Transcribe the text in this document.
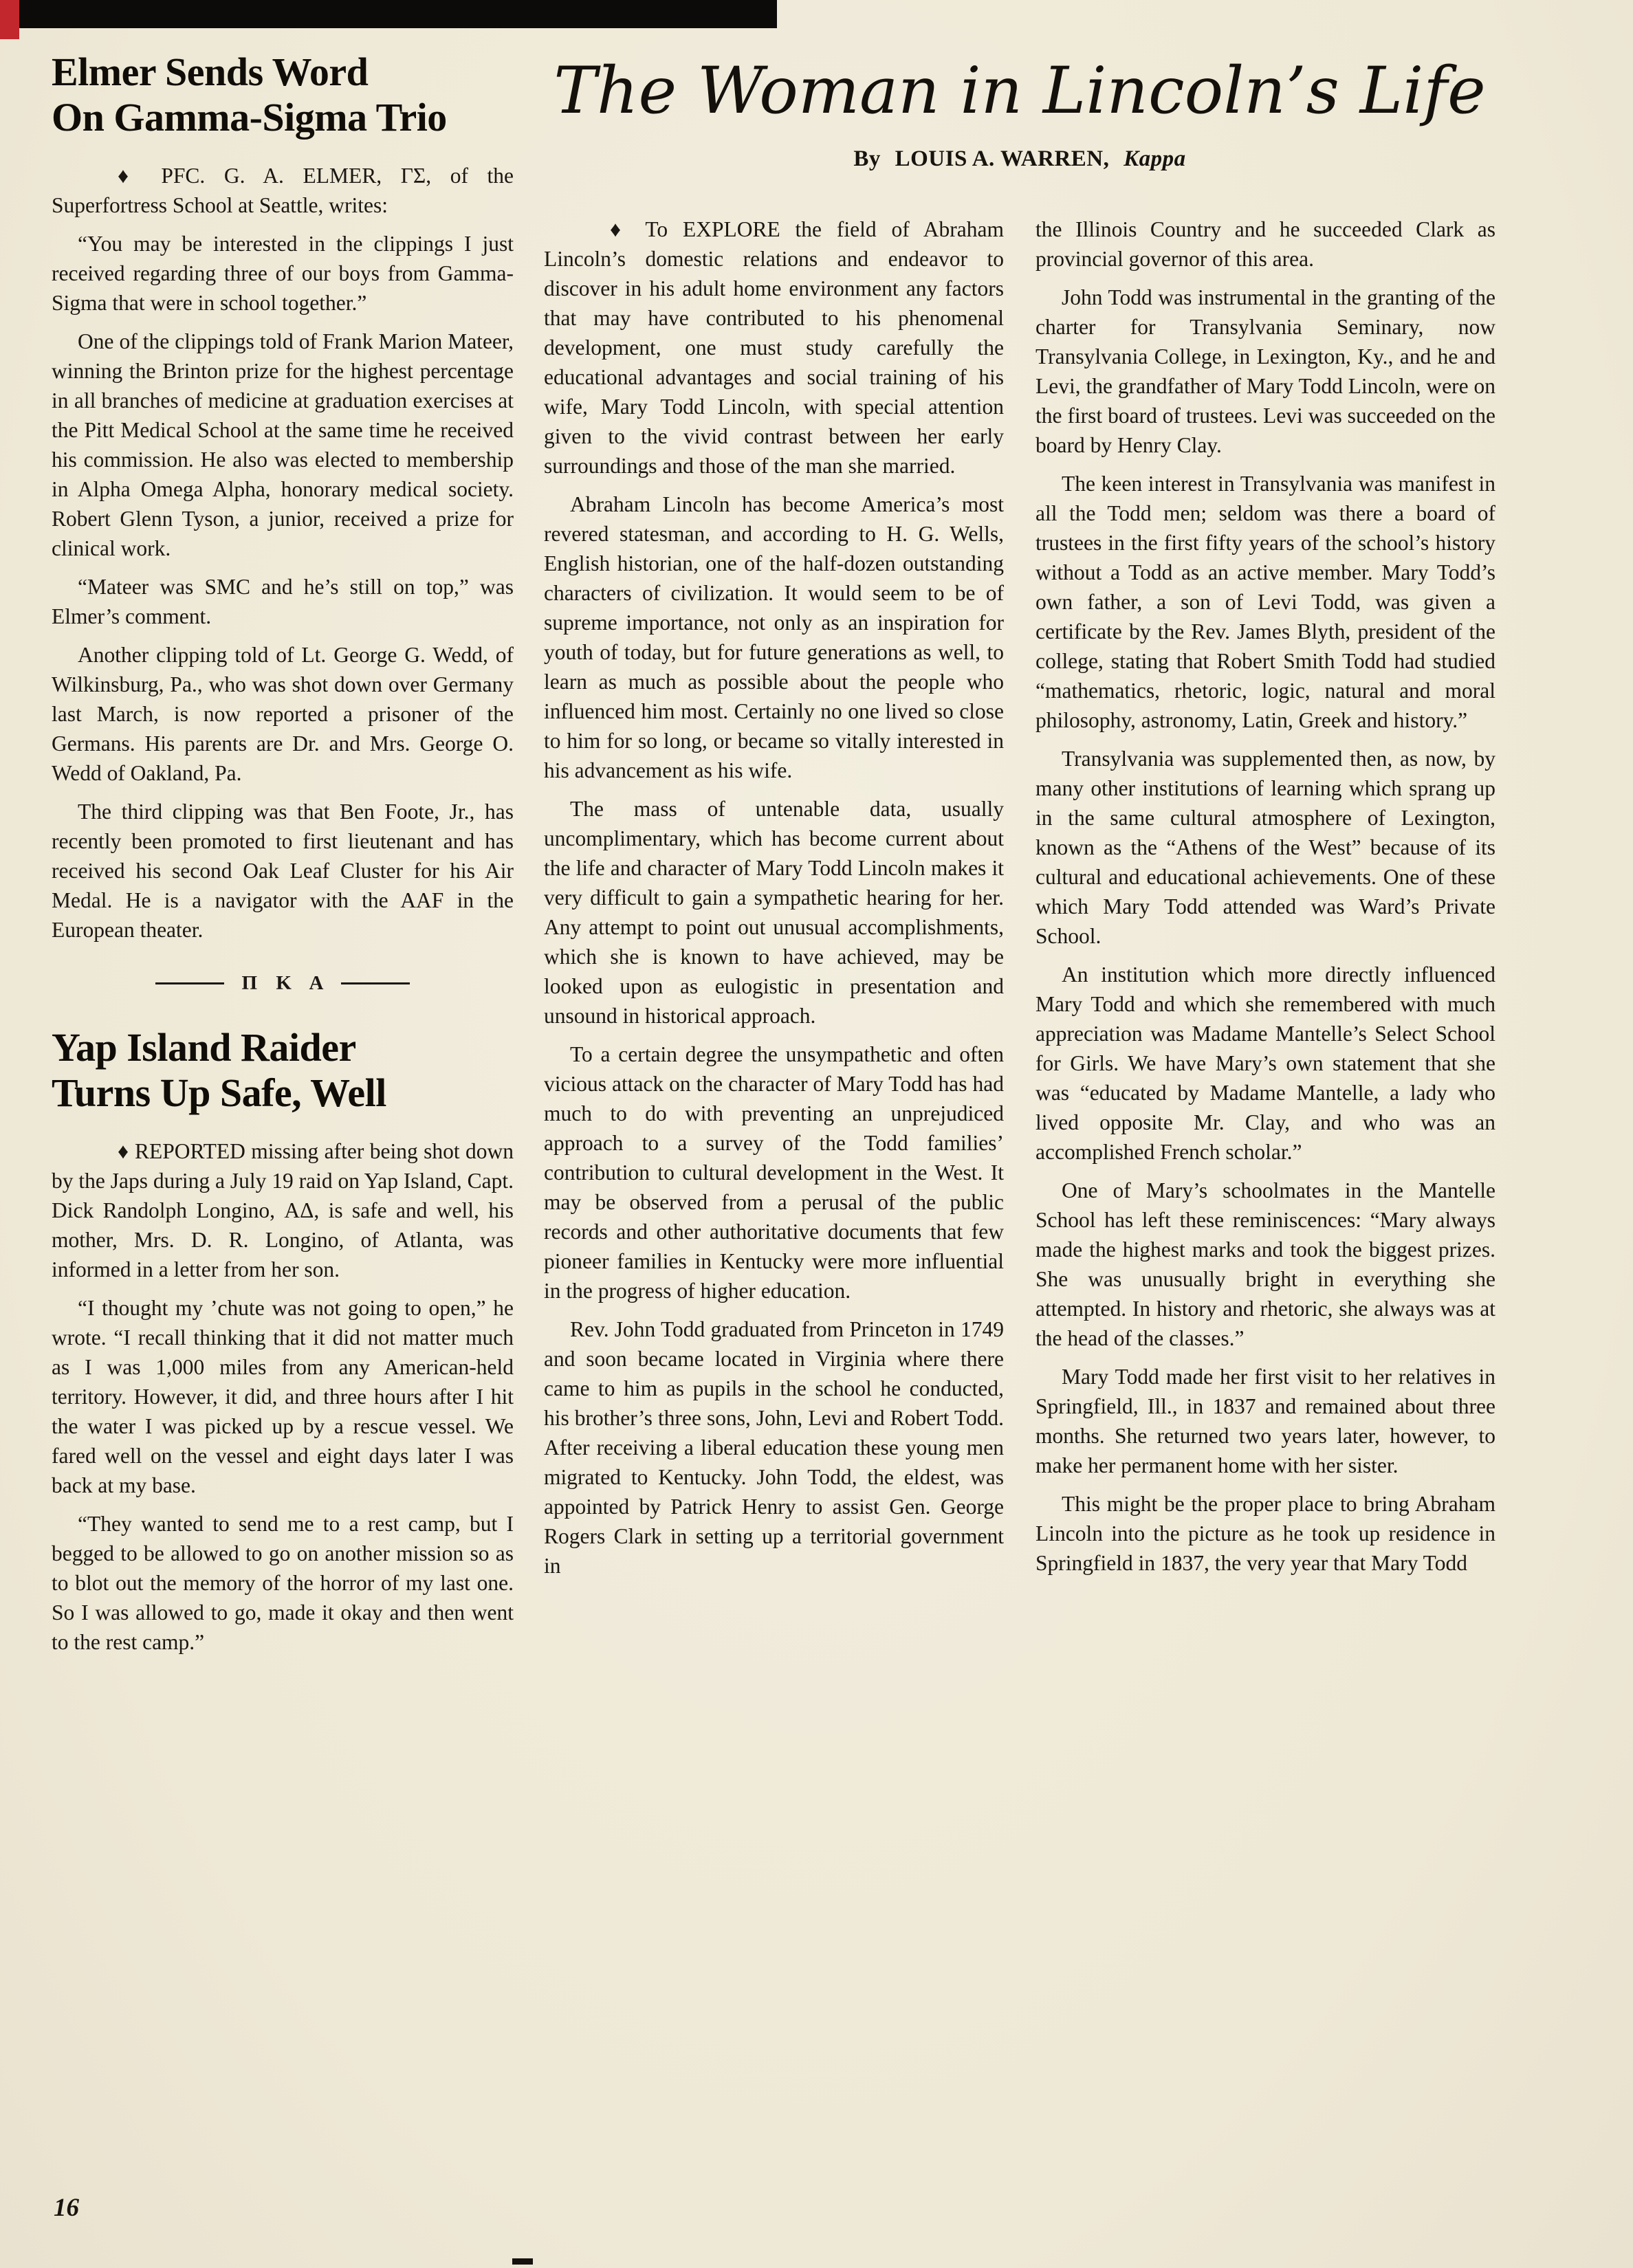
Elmer Sends Word
On Gamma-Sigma Trio

♦ PFC. G. A. ELMER, ΓΣ, of the Superfortress School at Seattle, writes:

“You may be interested in the clippings I just received regarding three of our boys from Gamma-Sigma that were in school together.”

One of the clippings told of Frank Marion Mateer, winning the Brinton prize for the highest percentage in all branches of medicine at graduation exercises at the Pitt Medical School at the same time he received his commission. He also was elected to membership in Alpha Omega Alpha, honorary medical society. Robert Glenn Tyson, a junior, received a prize for clinical work.

“Mateer was SMC and he’s still on top,” was Elmer’s comment.

Another clipping told of Lt. George G. Wedd, of Wilkinsburg, Pa., who was shot down over Germany last March, is now reported a prisoner of the Germans. His parents are Dr. and Mrs. George O. Wedd of Oakland, Pa.

The third clipping was that Ben Foote, Jr., has recently been promoted to first lieutenant and has received his second Oak Leaf Cluster for his Air Medal. He is a navigator with the AAF in the European theater.

Π Κ Α
Yap Island Raider
Turns Up Safe, Well

♦ REPORTED missing after being shot down by the Japs during a July 19 raid on Yap Island, Capt. Dick Randolph Longino, ΑΔ, is safe and well, his mother, Mrs. D. R. Longino, of Atlanta, was informed in a letter from her son.

“I thought my ’chute was not going to open,” he wrote. “I recall thinking that it did not matter much as I was 1,000 miles from any American-held territory. However, it did, and three hours after I hit the water I was picked up by a rescue vessel. We fared well on the vessel and eight days later I was back at my base.

“They wanted to send me to a rest camp, but I begged to be allowed to go on another mission so as to blot out the memory of the horror of my last one. So I was allowed to go, made it okay and then went to the rest camp.”

The Woman in Lincoln’s Life
By LOUIS A. WARREN, Kappa

♦ To EXPLORE the field of Abraham Lincoln’s domestic relations and endeavor to discover in his adult home environment any factors that may have contributed to his phenomenal development, one must study carefully the educational advantages and social training of his wife, Mary Todd Lincoln, with special attention given to the vivid contrast between her early surroundings and those of the man she married.

Abraham Lincoln has become America’s most revered statesman, and according to H. G. Wells, English historian, one of the half-dozen outstanding characters of civilization. It would seem to be of supreme importance, not only as an inspiration for youth of today, but for future generations as well, to learn as much as possible about the people who influenced him most. Certainly no one lived so close to him for so long, or became so vitally interested in his advancement as his wife.

The mass of untenable data, usually uncomplimentary, which has become current about the life and character of Mary Todd Lincoln makes it very difficult to gain a sympathetic hearing for her. Any attempt to point out unusual accomplishments, which she is known to have achieved, may be looked upon as eulogistic in presentation and unsound in historical approach.

To a certain degree the unsympathetic and often vicious attack on the character of Mary Todd has had much to do with preventing an unprejudiced approach to a survey of the Todd families’ contribution to cultural development in the West. It may be observed from a perusal of the public records and other authoritative documents that few pioneer families in Kentucky were more influential in the progress of higher education.

Rev. John Todd graduated from Princeton in 1749 and soon became located in Virginia where there came to him as pupils in the school he conducted, his brother’s three sons, John, Levi and Robert Todd. After receiving a liberal education these young men migrated to Kentucky. John Todd, the eldest, was appointed by Patrick Henry to assist Gen. George Rogers Clark in setting up a territorial government in

the Illinois Country and he succeeded Clark as provincial governor of this area.

John Todd was instrumental in the granting of the charter for Transylvania Seminary, now Transylvania College, in Lexington, Ky., and he and Levi, the grandfather of Mary Todd Lincoln, were on the first board of trustees. Levi was succeeded on the board by Henry Clay.

The keen interest in Transylvania was manifest in all the Todd men; seldom was there a board of trustees in the first fifty years of the school’s history without a Todd as an active member. Mary Todd’s own father, a son of Levi Todd, was given a certificate by the Rev. James Blyth, president of the college, stating that Robert Smith Todd had studied “mathematics, rhetoric, logic, natural and moral philosophy, astronomy, Latin, Greek and history.”

Transylvania was supplemented then, as now, by many other institutions of learning which sprang up in the same cultural atmosphere of Lexington, known as the “Athens of the West” because of its cultural and educational achievements. One of these which Mary Todd attended was Ward’s Private School.

An institution which more directly influenced Mary Todd and which she remembered with much appreciation was Madame Mantelle’s Select School for Girls. We have Mary’s own statement that she was “educated by Madame Mantelle, a lady who lived opposite Mr. Clay, and who was an accomplished French scholar.”

One of Mary’s schoolmates in the Mantelle School has left these reminiscences: “Mary always made the highest marks and took the biggest prizes. She was unusually bright in everything she attempted. In history and rhetoric, she always was at the head of the classes.”

Mary Todd made her first visit to her relatives in Springfield, Ill., in 1837 and remained about three months. She returned two years later, however, to make her permanent home with her sister.

This might be the proper place to bring Abraham Lincoln into the picture as he took up residence in Springfield in 1837, the very year that Mary Todd

16
